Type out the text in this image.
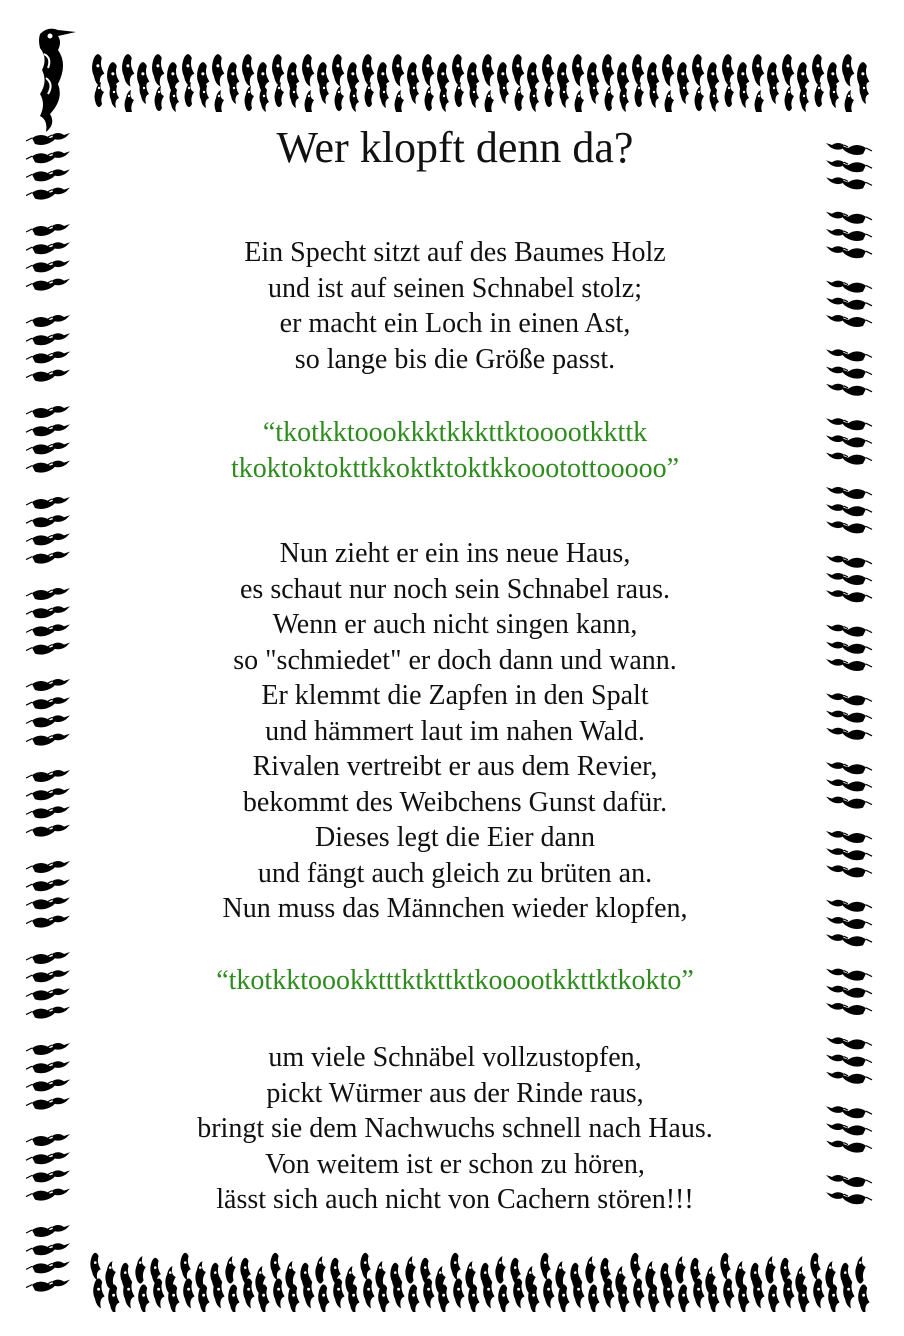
Wer klopft denn da?
Ein Specht sitzt auf des Baumes Holz
und ist auf seinen Schnabel stolz;
er macht ein Loch in einen Ast,
so lange bis die Größe passt.
“tkotkktoookkktkkkttktooootkkttk
tkoktoktokttkkoktktoktkkoootottooooo”
Nun zieht er ein ins neue Haus,
es schaut nur noch sein Schnabel raus.
Wenn er auch nicht singen kann,
so "schmiedet" er doch dann und wann.
Er klemmt die Zapfen in den Spalt
und hämmert laut im nahen Wald.
Rivalen vertreibt er aus dem Revier,
bekommt des Weibchens Gunst dafür.
Dieses legt die Eier dann
und fängt auch gleich zu brüten an.
Nun muss das Männchen wieder klopfen,
“tkotkktoookktttktkttktkooootkkttktkokto”
um viele Schnäbel vollzustopfen,
pickt Würmer aus der Rinde raus,
bringt sie dem Nachwuchs schnell nach Haus.
Von weitem ist er schon zu hören,
lässt sich auch nicht von Cachern stören!!!
